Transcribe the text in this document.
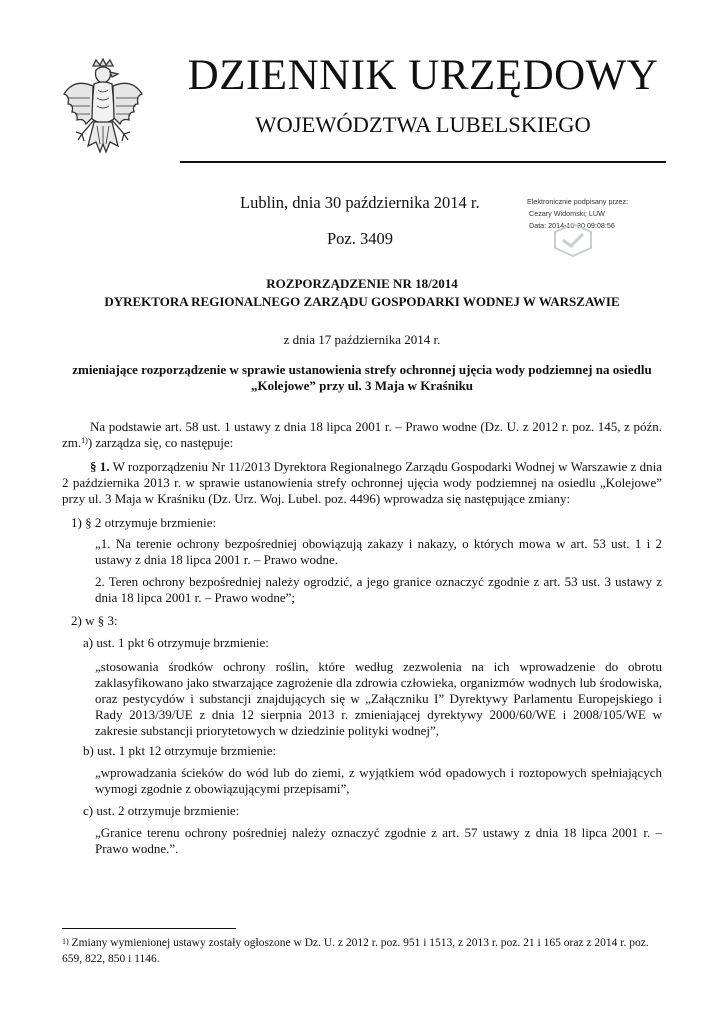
DZIENNIK URZĘDOWY
WOJEWÓDZTWA LUBELSKIEGO
Lublin, dnia 30 października 2014 r.
Poz. 3409
Elektronicznie podpisany przez:
Cezary Widomski; LUW
Data: 2014-10-30 09:08:56
ROZPORZĄDZENIE NR 18/2014
DYREKTORA REGIONALNEGO ZARZĄDU GOSPODARKI WODNEJ W WARSZAWIE
z dnia 17 października 2014 r.
zmieniające rozporządzenie w sprawie ustanowienia strefy ochronnej ujęcia wody podziemnej na osiedlu
„Kolejowe” przy ul. 3 Maja w Kraśniku
Na podstawie art. 58 ust. 1 ustawy z dnia 18 lipca 2001 r. – Prawo wodne (Dz. U. z 2012 r. poz. 145, z późn. zm.$^{1)}$) zarządza się, co następuje:
§ 1. W rozporządzeniu Nr 11/2013 Dyrektora Regionalnego Zarządu Gospodarki Wodnej w Warszawie z dnia 2 października 2013 r. w sprawie ustanowienia strefy ochronnej ujęcia wody podziemnej na osiedlu „Kolejowe” przy ul. 3 Maja w Kraśniku (Dz. Urz. Woj. Lubel. poz. 4496) wprowadza się następujące zmiany:
1) § 2 otrzymuje brzmienie:
„1. Na terenie ochrony bezpośredniej obowiązują zakazy i nakazy, o których mowa w art. 53 ust. 1 i 2 ustawy z dnia 18 lipca 2001 r. – Prawo wodne.
2. Teren ochrony bezpośredniej należy ogrodzić, a jego granice oznaczyć zgodnie z art. 53 ust. 3 ustawy z dnia 18 lipca 2001 r. – Prawo wodne”;
2) w § 3:
a) ust. 1 pkt 6 otrzymuje brzmienie:
„stosowania środków ochrony roślin, które według zezwolenia na ich wprowadzenie do obrotu zaklasyfikowano jako stwarzające zagrożenie dla zdrowia człowieka, organizmów wodnych lub środowiska, oraz pestycydów i substancji znajdujących się w „Załączniku I” Dyrektywy Parlamentu Europejskiego i Rady 2013/39/UE z dnia 12 sierpnia 2013 r. zmieniającej dyrektywy 2000/60/WE i 2008/105/WE w zakresie substancji priorytetowych w dziedzinie polityki wodnej”,
b) ust. 1 pkt 12 otrzymuje brzmienie:
„wprowadzania ścieków do wód lub do ziemi, z wyjątkiem wód opadowych i roztopowych spełniających wymogi zgodnie z obowiązującymi przepisami”,
c) ust. 2 otrzymuje brzmienie:
„Granice terenu ochrony pośredniej należy oznaczyć zgodnie z art. 57 ustawy z dnia 18 lipca 2001 r. – Prawo wodne.”.
$^{1)}$ Zmiany wymienionej ustawy zostały ogłoszone w Dz. U. z 2012 r. poz. 951 i 1513, z 2013 r. poz. 21 i 165 oraz z 2014 r. poz. 659, 822, 850 i 1146.
